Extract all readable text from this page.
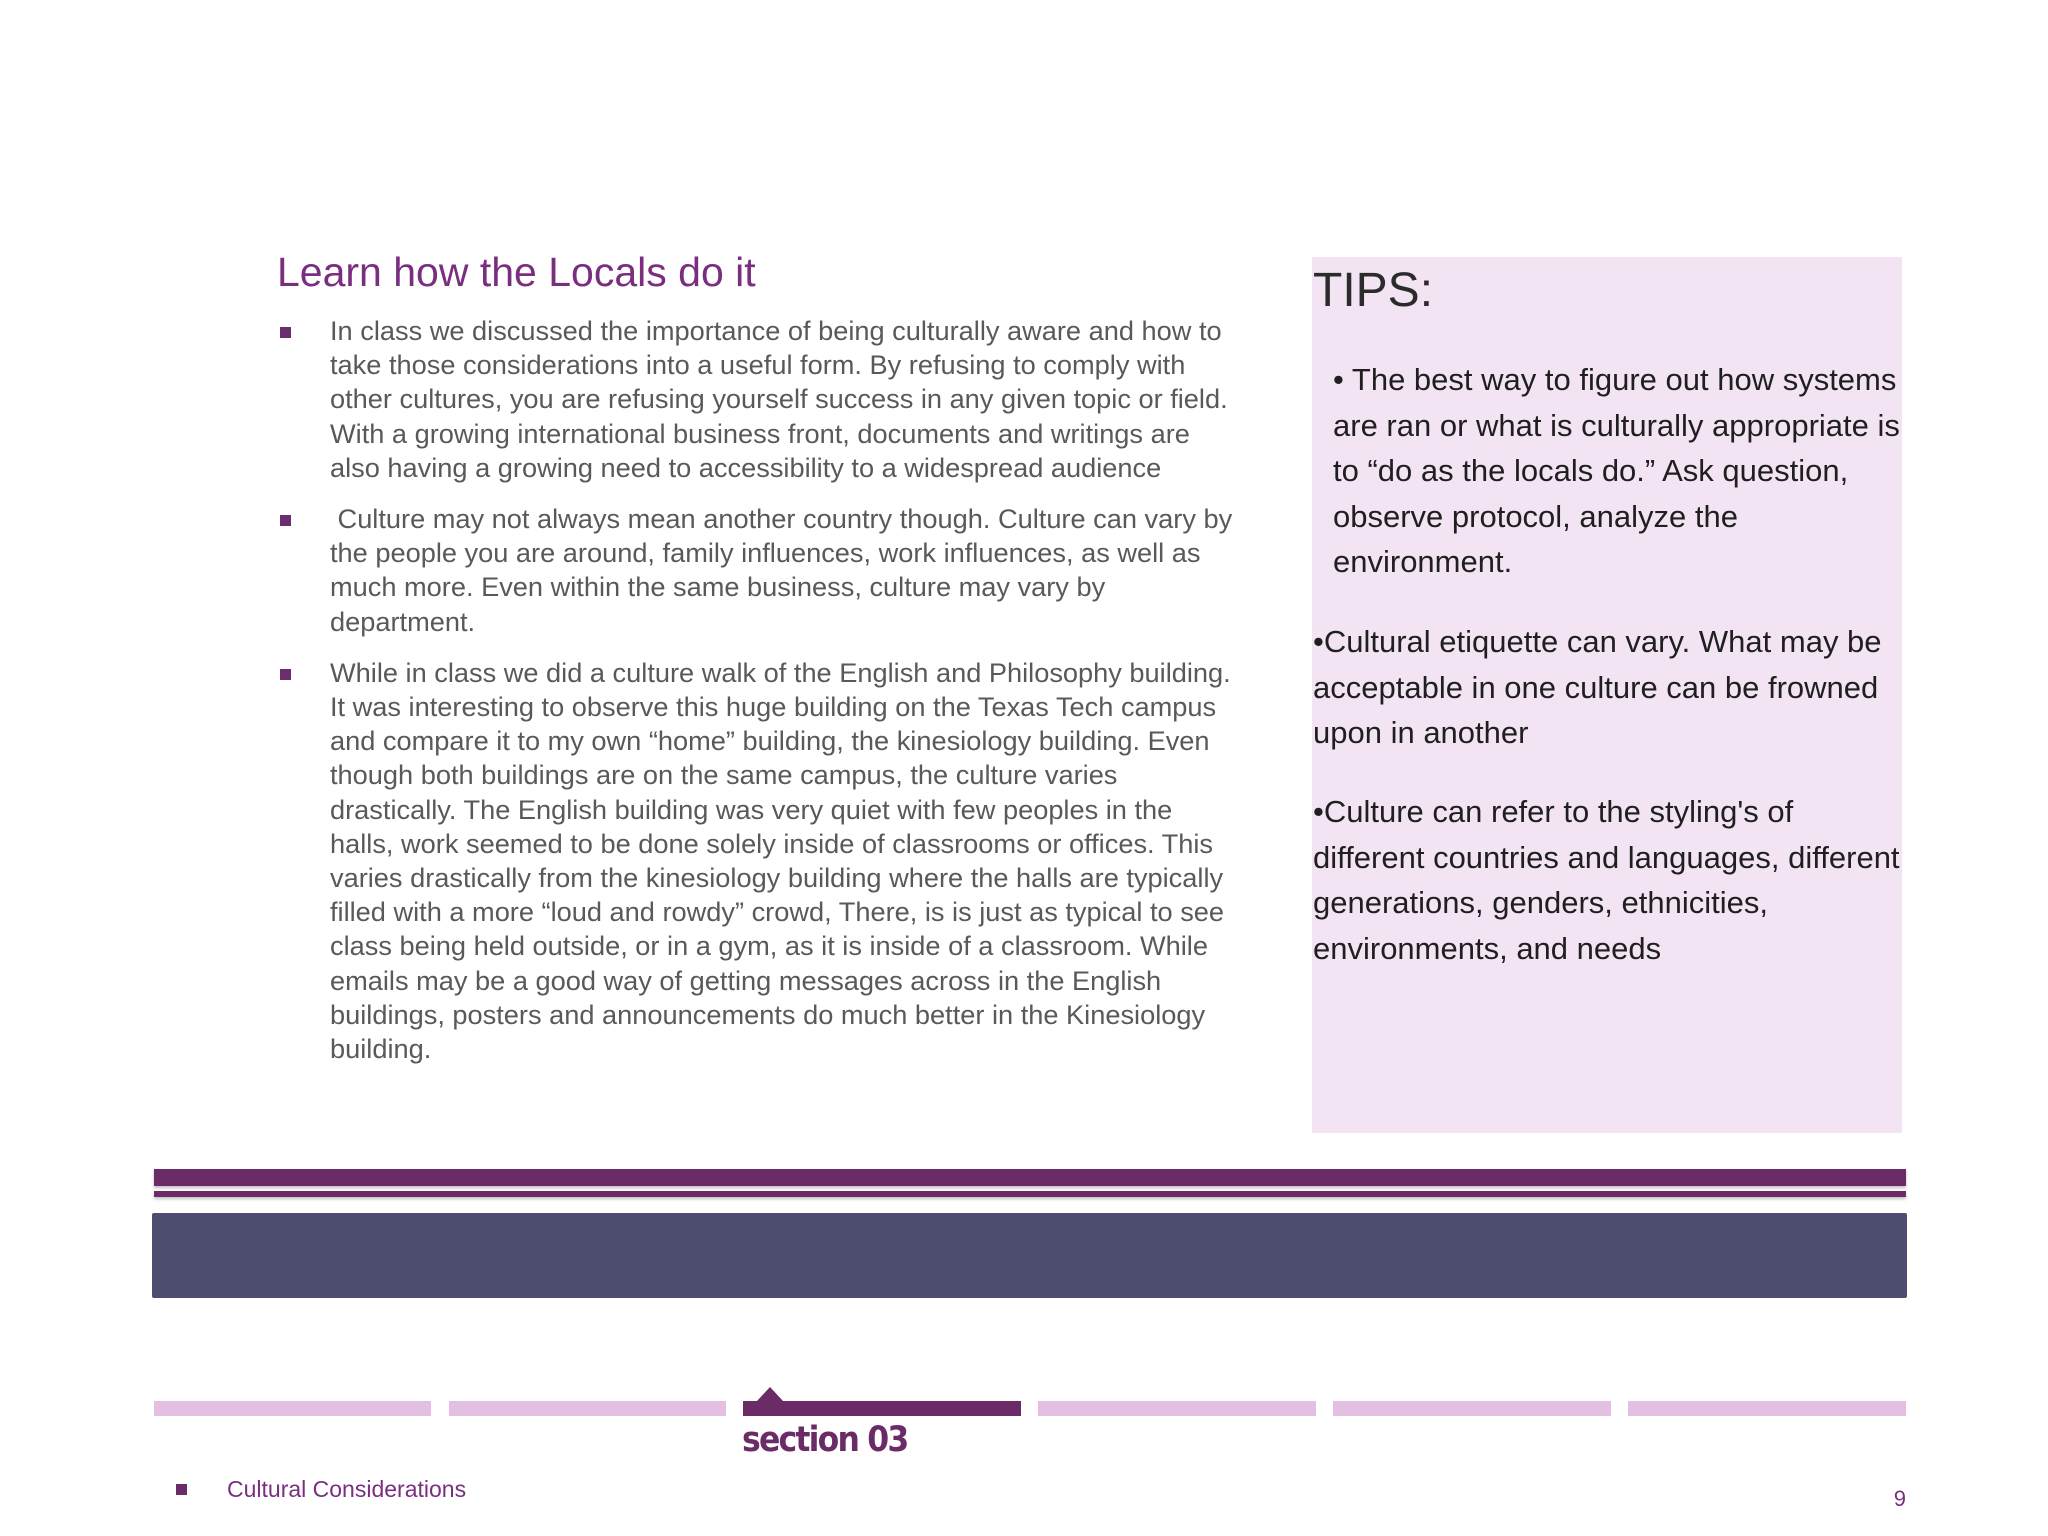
Learn how the Locals do it
In class we discussed the importance of being culturally aware and how to take those considerations into a useful form. By refusing to comply with other cultures, you are refusing yourself success in any given topic or field. With a growing international business front, documents and writings are also having a growing need to accessibility to a widespread audience
Culture may not always mean another country though. Culture can vary by the people you are around, family influences, work influences, as well as much more. Even within the same business, culture may vary by department.
While in class we did a culture walk of the English and Philosophy building. It was interesting to observe this huge building on the Texas Tech campus and compare it to my own “home” building, the kinesiology building. Even though both buildings are on the same campus, the culture varies drastically. The English building was very quiet with few peoples in the halls, work seemed to be done solely inside of classrooms or offices. This varies drastically from the kinesiology building where the halls are typically filled with a more “loud and rowdy” crowd, There, is is just as typical to see class being held outside, or in a gym, as it is inside of a classroom. While emails may be a good way of getting messages across in the English buildings, posters and announcements do much better in the Kinesiology building.
TIPS:

• The best way to figure out how systems are ran or what is culturally appropriate is to “do as the locals do.” Ask question, observe protocol, analyze the environment.

•Cultural etiquette can vary. What may be acceptable in one culture can be frowned upon in another

•Culture can refer to the styling's of different countries and languages, different generations, genders, ethnicities, environments, and needs

section 03

Cultural Considerations	9
